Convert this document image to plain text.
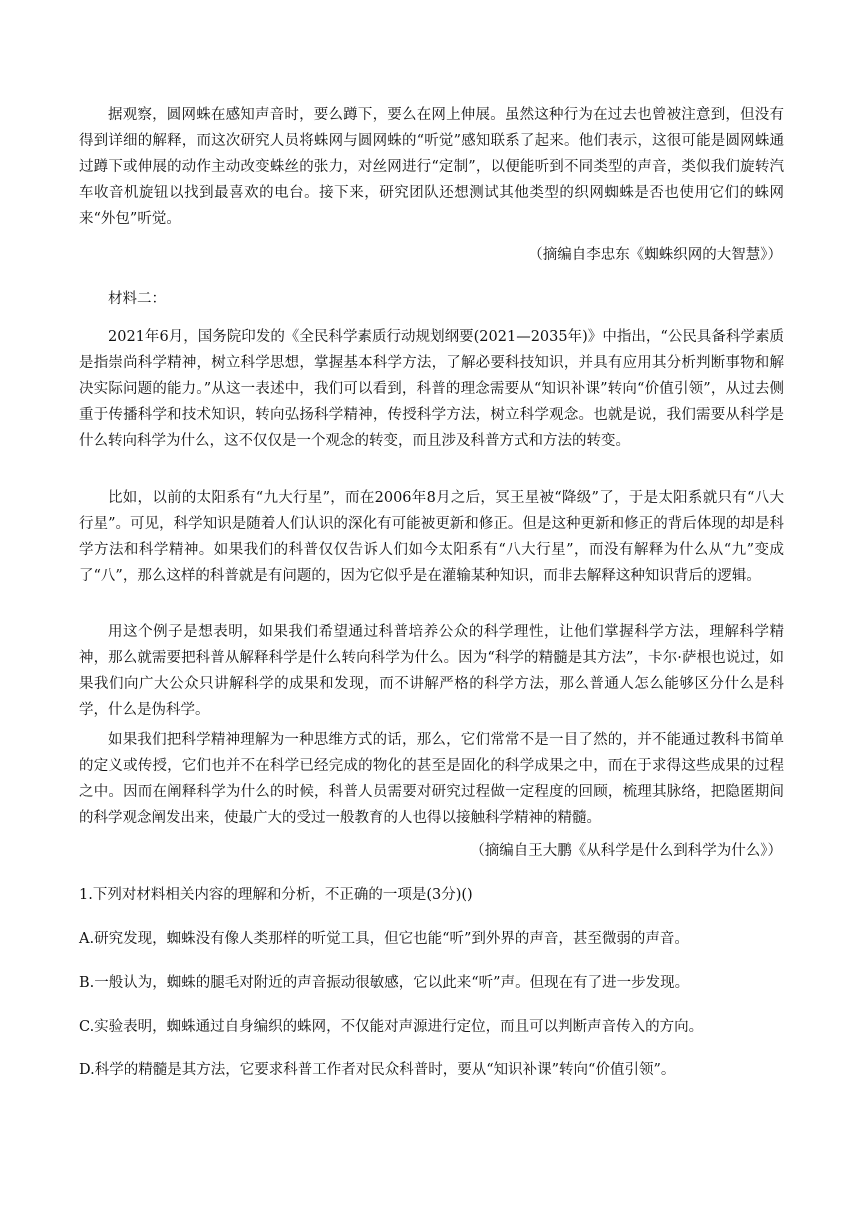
据观察，圆网蛛在感知声音时，要么蹲下，要么在网上伸展。虽然这种行为在过去也曾被注意到，但没有得到详细的解释，而这次研究人员将蛛网与圆网蛛的“听觉”感知联系了起来。他们表示，这很可能是圆网蛛通过蹲下或伸展的动作主动改变蛛丝的张力，对丝网进行“定制”，以便能听到不同类型的声音，类似我们旋转汽车收音机旋钮以找到最喜欢的电台。接下来，研究团队还想测试其他类型的织网蜘蛛是否也使用它们的蛛网来“外包”听觉。

（摘编自李忠东《蜘蛛织网的大智慧》）

材料二：

2021年6月，国务院印发的《全民科学素质行动规划纲要(2021—2035年)》中指出，“公民具备科学素质是指崇尚科学精神，树立科学思想，掌握基本科学方法，了解必要科技知识，并具有应用其分析判断事物和解决实际问题的能力。”从这一表述中，我们可以看到，科普的理念需要从“知识补课”转向“价值引领”，从过去侧重于传播科学和技术知识，转向弘扬科学精神，传授科学方法，树立科学观念。也就是说，我们需要从科学是什么转向科学为什么，这不仅仅是一个观念的转变，而且涉及科普方式和方法的转变。

比如，以前的太阳系有“九大行星”，而在2006年8月之后，冥王星被“降级”了，于是太阳系就只有“八大行星”。可见，科学知识是随着人们认识的深化有可能被更新和修正。但是这种更新和修正的背后体现的却是科学方法和科学精神。如果我们的科普仅仅告诉人们如今太阳系有“八大行星”，而没有解释为什么从“九”变成了“八”，那么这样的科普就是有问题的，因为它似乎是在灌输某种知识，而非去解释这种知识背后的逻辑。

用这个例子是想表明，如果我们希望通过科普培养公众的科学理性，让他们掌握科学方法，理解科学精神，那么就需要把科普从解释科学是什么转向科学为什么。因为“科学的精髓是其方法”，卡尔·萨根也说过，如果我们向广大公众只讲解科学的成果和发现，而不讲解严格的科学方法，那么普通人怎么能够区分什么是科学，什么是伪科学。

如果我们把科学精神理解为一种思维方式的话，那么，它们常常不是一目了然的，并不能通过教科书简单的定义或传授，它们也并不在科学已经完成的物化的甚至是固化的科学成果之中，而在于求得这些成果的过程之中。因而在阐释科学为什么的时候，科普人员需要对研究过程做一定程度的回顾，梳理其脉络，把隐匿期间的科学观念阐发出来，使最广大的受过一般教育的人也得以接触科学精神的精髓。

（摘编自王大鹏《从科学是什么到科学为什么》）

1.下列对材料相关内容的理解和分析，不正确的一项是(3分)()

A.研究发现，蜘蛛没有像人类那样的听觉工具，但它也能“听”到外界的声音，甚至微弱的声音。

B.一般认为，蜘蛛的腿毛对附近的声音振动很敏感，它以此来“听”声。但现在有了进一步发现。

C.实验表明，蜘蛛通过自身编织的蛛网，不仅能对声源进行定位，而且可以判断声音传入的方向。

D.科学的精髓是其方法，它要求科普工作者对民众科普时，要从“知识补课”转向“价值引领”。
